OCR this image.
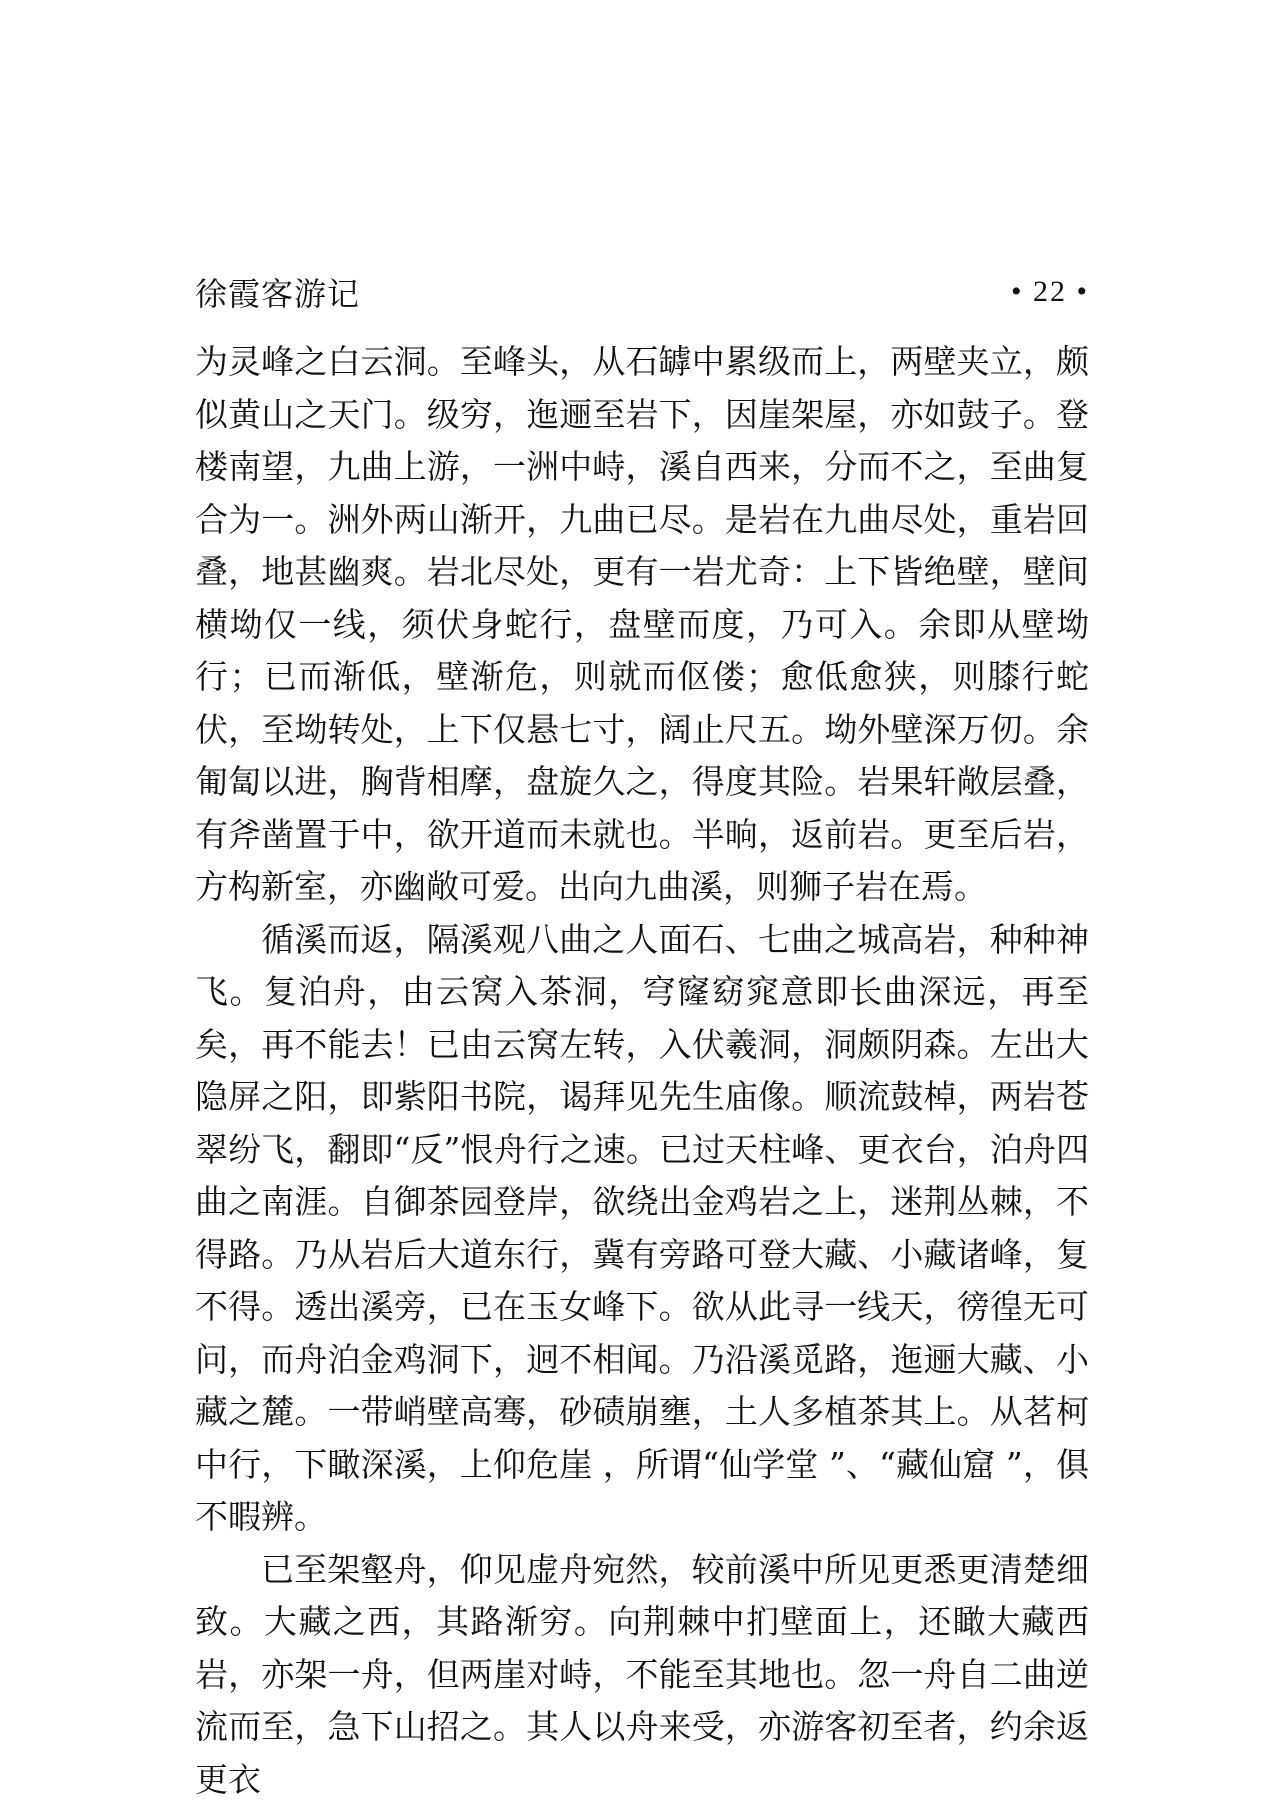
徐霞客游记	• 22 •

为灵峰之白云洞。至峰头，从石罅中累级而上，两壁夹立，颇似黄山之天门。级穷，迤逦至岩下，因崖架屋，亦如鼓子。登楼南望，九曲上游，一洲中峙，溪自西来，分而不之，至曲复合为一。洲外两山渐开，九曲已尽。是岩在九曲尽处，重岩回叠，地甚幽爽。岩北尽处，更有一岩尤奇：上下皆绝壁，壁间横坳仅一线，须伏身蛇行，盘壁而度，乃可入。余即从壁坳行；已而渐低，壁渐危，则就而伛偻；愈低愈狭，则膝行蛇伏，至坳转处，上下仅悬七寸，阔止尺五。坳外壁深万仞。余匍匐以进，胸背相摩，盘旋久之，得度其险。岩果轩敞层叠，有斧凿置于中，欲开道而未就也。半晌，返前岩。更至后岩，方构新室，亦幽敞可爱。出向九曲溪，则狮子岩在焉。

循溪而返，隔溪观八曲之人面石、七曲之城高岩，种种神飞。复泊舟，由云窝入茶洞，穹窿窈窕意即长曲深远，再至矣，再不能去！已由云窝左转，入伏羲洞，洞颇阴森。左出大隐屏之阳，即紫阳书院，谒拜见先生庙像。顺流鼓棹，两岩苍翠纷飞，翻即“反”恨舟行之速。已过天柱峰、更衣台，泊舟四曲之南涯。自御茶园登岸，欲绕出金鸡岩之上，迷荆丛棘，不得路。乃从岩后大道东行，冀有旁路可登大藏、小藏诸峰，复不得。透出溪旁，已在玉女峰下。欲从此寻一线天，徬徨无可问，而舟泊金鸡洞下，迥不相闻。乃沿溪觅路，迤逦大藏、小藏之麓。一带峭壁高骞，砂碛崩壅，土人多植茶其上。从茗柯中行，下瞰深溪，上仰危崖 ，所谓“仙学堂 ”、“藏仙窟 ”，俱不暇辨。

已至架壑舟，仰见虚舟宛然，较前溪中所见更悉更清楚细致。大藏之西，其路渐穷。向荆棘中扪壁面上，还瞰大藏西岩，亦架一舟，但两崖对峙，不能至其地也。忽一舟自二曲逆流而至，急下山招之。其人以舟来受，亦游客初至者，约余返更衣
